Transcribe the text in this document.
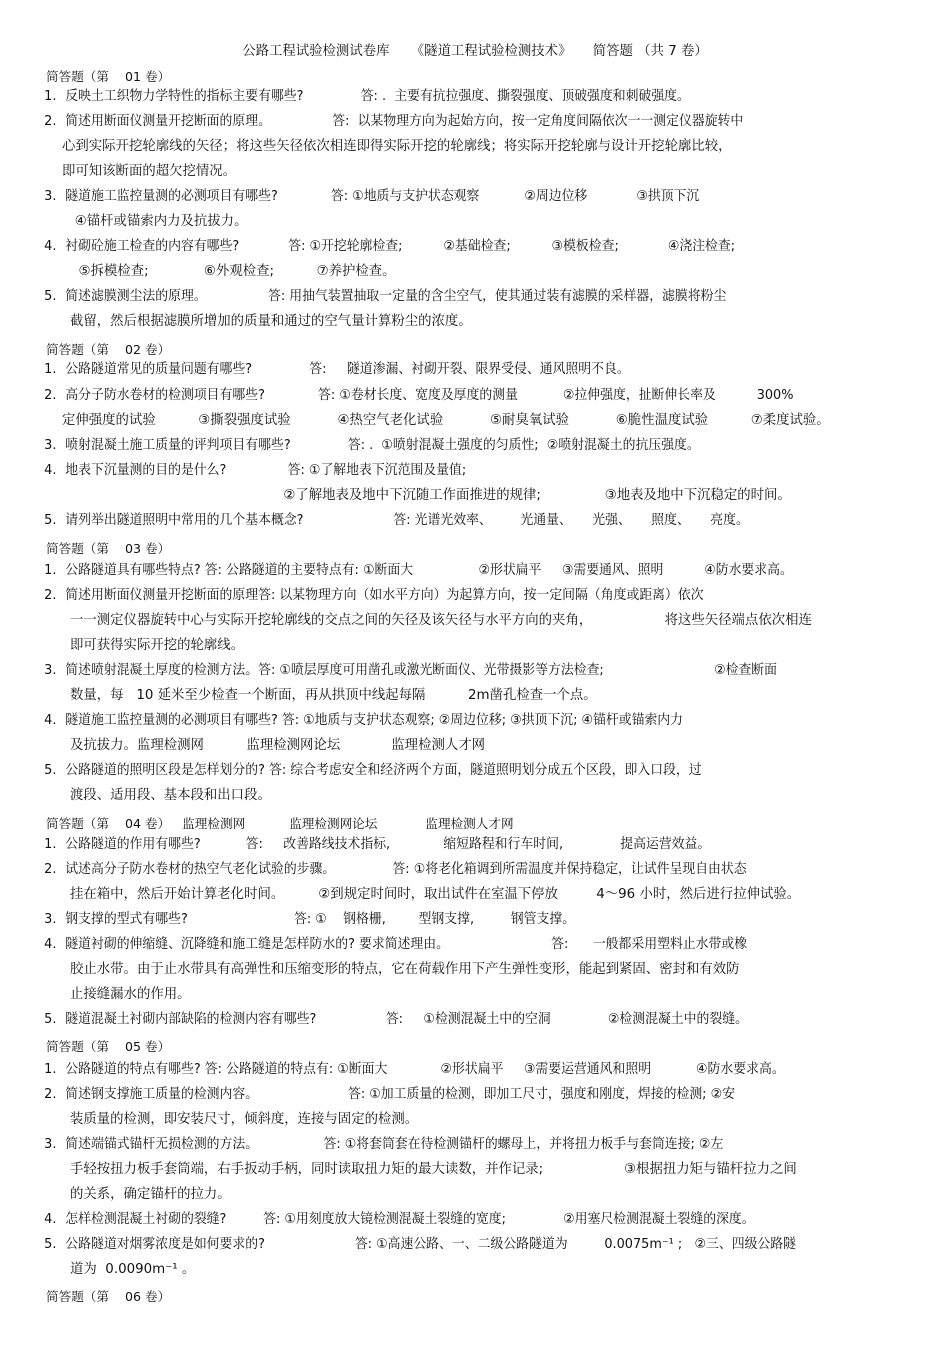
公路工程试验检测试卷库     《隧道工程试验检测技术》     简答题 （共 7 卷）
简答题（第    01 卷）
1. 反映土工织物力学特性的指标主要有哪些?              答: .  主要有抗拉强度、撕裂强度、顶破强度和刺破强度。
2. 简述用断面仪测量开挖断面的原理。               答:  以某物理方向为起始方向，按一定角度间隔依次一一测定仪器旋转中
心到实际开挖轮廓线的矢径；将这些矢径依次相连即得实际开挖的轮廓线；将实际开挖轮廓与设计开挖轮廓比较，
即可知该断面的超欠挖情况。
3. 隧道施工监控量测的必测项目有哪些?             答: ①地质与支护状态观察           ②周边位移            ③拱顶下沉
④锚杆或锚索内力及抗拔力。
4. 衬砌砼施工检查的内容有哪些?            答: ①开挖轮廓检查;          ②基础检查;          ③模板检查;            ④浇注检查;
⑤拆模检查;             ⑥外观检查;          ⑦养护检查。
5. 简述滤膜测尘法的原理。               答: 用抽气装置抽取一定量的含尘空气，使其通过装有滤膜的采样器，滤膜将粉尘
截留，然后根据滤膜所增加的质量和通过的空气量计算粉尘的浓度。
简答题（第    02 卷）
1. 公路隧道常见的质量问题有哪些?              答:     隧道渗漏、衬砌开裂、限界受侵、通风照明不良。
2. 高分子防水卷材的检测项目有哪些?             答: ①卷材长度、宽度及厚度的测量           ②拉伸强度，扯断伸长率及          300%
定伸强度的试验          ③撕裂强度试验           ④热空气老化试验           ⑤耐臭氧试验           ⑥脆性温度试验          ⑦柔度试验。
3. 喷射混凝土施工质量的评判项目有哪些?              答: .  ①喷射混凝土强度的匀质性;  ②喷射混凝土的抗压强度。
4. 地表下沉量测的目的是什么?               答: ①了解地表下沉范围及量值;
②了解地表及地中下沉随工作面推进的规律;               ③地表及地中下沉稳定的时间。
5. 请列举出隧道照明中常用的几个基本概念?                      答: 光谱光效率、       光通量、     光强、     照度、     亮度。
简答题（第    03 卷）
1. 公路隧道具有哪些特点? 答: 公路隧道的主要特点有: ①断面大                ②形状扁平     ③需要通风、照明          ④防水要求高。
2. 简述用断面仪测量开挖断面的原理答: 以某物理方向（如水平方向）为起算方向，按一定间隔（角度或距离）依次
一一测定仪器旋转中心与实际开挖轮廓线的交点之间的矢径及该矢径与水平方向的夹角，                 将这些矢径端点依次相连
即可获得实际开挖的轮廓线。
3. 简述喷射混凝土厚度的检测方法。答: ①喷层厚度可用凿孔或激光断面仪、光带摄影等方法检查;                           ②检查断面
数量，每   10 延米至少检查一个断面，再从拱顶中线起每隔          2m凿孔检查一个点。
4. 隧道施工监控量测的必测项目有哪些? 答: ①地质与支护状态观察; ②周边位移; ③拱顶下沉; ④锚杆或锚索内力
及抗拔力。监理检测网          监理检测网论坛            监理检测人才网
5. 公路隧道的照明区段是怎样划分的? 答: 综合考虑安全和经济两个方面，隧道照明划分成五个区段，即入口段，过
渡段、适用段、基本段和出口段。
简答题（第    04 卷）   监理检测网           监理检测网论坛            监理检测人才网
1. 公路隧道的作用有哪些?           答:     改善路线技术指标,             缩短路程和行车时间,              提高运营效益。
2. 试述高分子防水卷材的热空气老化试验的步骤。              答: ①将老化箱调到所需温度并保持稳定，让试件呈现自由状态
挂在箱中，然后开始计算老化时间。        ②到规定时间时，取出试件在室温下停放         4～96 小时，然后进行拉伸试验。
3. 钢支撑的型式有哪些?                          答: ①    钢格栅,        型钢支撑,         钢管支撑。
4. 隧道衬砌的伸缩缝、沉降缝和施工缝是怎样防水的? 要求简述理由。                         答:      一般都采用塑料止水带或橡
胶止水带。由于止水带具有高弹性和压缩变形的特点，它在荷载作用下产生弹性变形，能起到紧固、密封和有效防
止接缝漏水的作用。
5. 隧道混凝土衬砌内部缺陷的检测内容有哪些?                 答:     ①检测混凝土中的空洞              ②检测混凝土中的裂缝。
简答题（第    05 卷）
1. 公路隧道的特点有哪些? 答: 公路隧道的特点有: ①断面大             ②形状扁平     ③需要运营通风和照明           ④防水要求高。
2. 简述钢支撑施工质量的检测内容。                      答: ①加工质量的检测，即加工尺寸，强度和刚度，焊接的检测; ②安
装质量的检测，即安装尺寸，倾斜度，连接与固定的检测。
3. 简述端锚式锚杆无损检测的方法。                答: ①将套筒套在待检测锚杆的螺母上，并将扭力板手与套筒连接; ②左
手轻按扭力板手套筒端，右手扳动手柄，同时读取扭力矩的最大读数，并作记录;                   ③根据扭力矩与锚杆拉力之间
的关系，确定锚杆的拉力。
4. 怎样检测混凝土衬砌的裂缝?         答: ①用刻度放大镜检测混凝土裂缝的宽度;              ②用塞尺检测混凝土裂缝的深度。
5. 公路隧道对烟雾浓度是如何要求的?                      答: ①高速公路、一、二级公路隧道为         0.0075m⁻¹ ;   ②三、四级公路隧
道为  0.0090m⁻¹ 。
简答题（第    06 卷）
